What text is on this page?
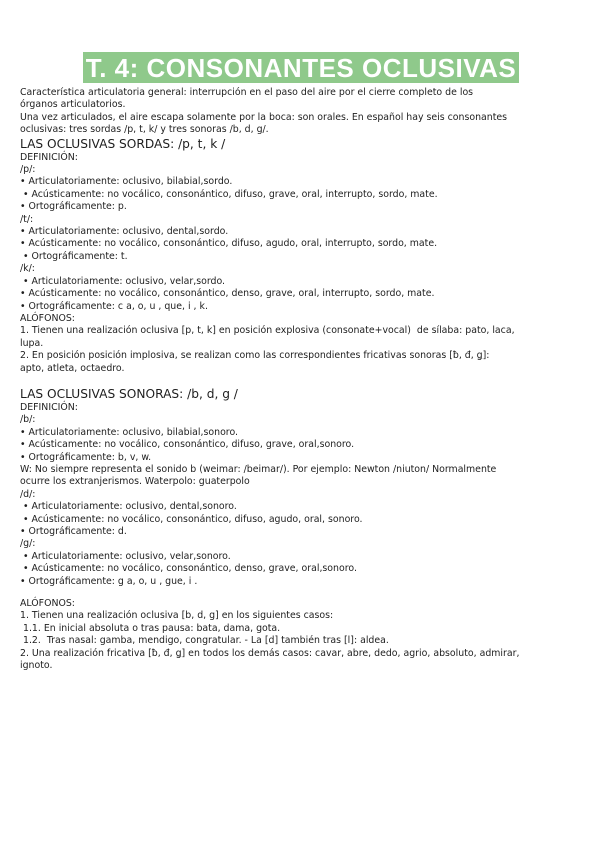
T. 4: CONSONANTES OCLUSIVAS
Característica articulatoria general: interrupción en el paso del aire por el cierre completo de los
órganos articulatorios.
Una vez articulados, el aire escapa solamente por la boca: son orales. En español hay seis consonantes
oclusivas: tres sordas /p, t, k/ y tres sonoras /b, d, g/.
LAS OCLUSIVAS SORDAS: /p, t, k /
DEFINICIÓN:
/p/:
• Articulatoriamente: oclusivo, bilabial,sordo.
• Acústicamente: no vocálico, consonántico, difuso, grave, oral, interrupto, sordo, mate.
• Ortográficamente: p.
/t/:
• Articulatoriamente: oclusivo, dental,sordo.
• Acústicamente: no vocálico, consonántico, difuso, agudo, oral, interrupto, sordo, mate.
• Ortográficamente: t.
/k/:
• Articulatoriamente: oclusivo, velar,sordo.
• Acústicamente: no vocálico, consonántico, denso, grave, oral, interrupto, sordo, mate.
• Ortográficamente: c a, o, u , que, i , k.
ALÓFONOS:
1. Tienen una realización oclusiva [p, t, k] en posición explosiva (consonate+vocal)  de sílaba: pato, laca,
lupa.
2. En posición posición implosiva, se realizan como las correspondientes fricativas sonoras [ƀ, đ, ǥ]:
apto, atleta, octaedro.
LAS OCLUSIVAS SONORAS: /b, d, g /
DEFINICIÓN:
/b/:
• Articulatoriamente: oclusivo, bilabial,sonoro.
• Acústicamente: no vocálico, consonántico, difuso, grave, oral,sonoro.
• Ortográficamente: b, v, w.
W: No siempre representa el sonido b (weimar: /beimar/). Por ejemplo: Newton /niuton/ Normalmente
ocurre los extranjerismos. Waterpolo: guaterpolo
/d/:
• Articulatoriamente: oclusivo, dental,sonoro.
• Acústicamente: no vocálico, consonántico, difuso, agudo, oral, sonoro.
• Ortográficamente: d.
/g/:
• Articulatoriamente: oclusivo, velar,sonoro.
• Acústicamente: no vocálico, consonántico, denso, grave, oral,sonoro.
• Ortográficamente: g a, o, u , gue, i .
ALÓFONOS:
1. Tienen una realización oclusiva [b, d, g] en los siguientes casos:
1.1. En inicial absoluta o tras pausa: bata, dama, gota.
1.2.  Tras nasal: gamba, mendigo, congratular. - La [d] también tras [l]: aldea.
2. Una realización fricativa [ƀ, đ, ǥ] en todos los demás casos: cavar, abre, dedo, agrio, absoluto, admirar,
ignoto.
